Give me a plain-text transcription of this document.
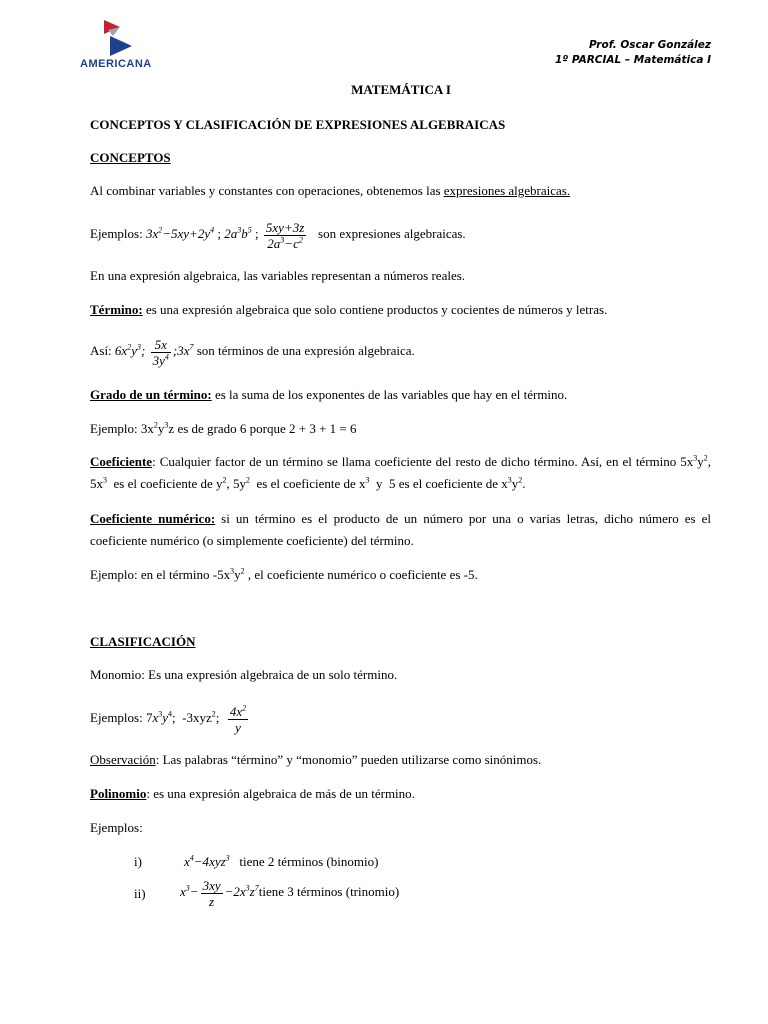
AMERICANA
Prof. Oscar González
1º PARCIAL – Matemática I
MATEMÁTICA I
CONCEPTOS Y CLASIFICACIÓN DE EXPRESIONES ALGEBRAICAS
CONCEPTOS
Al combinar variables y constantes con operaciones, obtenemos las expresiones algebraicas.
Ejemplos: $3x^2-5xy+2y^4$ ; $2a^3b^5$ ; $\frac{5xy+3z}{2a^3-c^2}$ son expresiones algebraicas.
En una expresión algebraica, las variables representan a números reales.
Término: es una expresión algebraica que solo contiene productos y cocientes de números y letras.
Así: $6x^2y^3$; $\frac{5x}{3y^4}$ $;3x^7$ son términos de una expresión algebraica.
Grado de un término: es la suma de los exponentes de las variables que hay en el término.
Ejemplo: $3x^2y^3z$ es de grado 6 porque 2 + 3 + 1 = 6
Coeficiente: Cualquier factor de un término se llama coeficiente del resto de dicho término. Así, en el término $5x^3y^2$, $5x^3$  es el coeficiente de $y^2$, $5y^2$  es el coeficiente de $x^3$  y  5 es el coeficiente de $x^3y^2$.
Coeficiente numérico: si un término es el producto de un número por una o varias letras, dicho número es el coeficiente numérico (o simplemente coeficiente) del término.
Ejemplo: en el término $-5x^3y^2$ , el coeficiente numérico o coeficiente es -5.
CLASIFICACIÓN
Monomio: Es una expresión algebraica de un solo término.
Ejemplos: $7x^3y^4$; -3xyz$^2$; $\frac{4x^2}{y}$
Observación: Las palabras “término” y “monomio” pueden utilizarse como sinónimos.
Polinomio: es una expresión algebraica de más de un término.
Ejemplos:
i)	$x^4-4xyz^3$ tiene 2 términos (binomio)
ii)	$x^3- \frac{3xy}{z}$ $-2x^3z^7tiene$ 3 términos (trinomio)
